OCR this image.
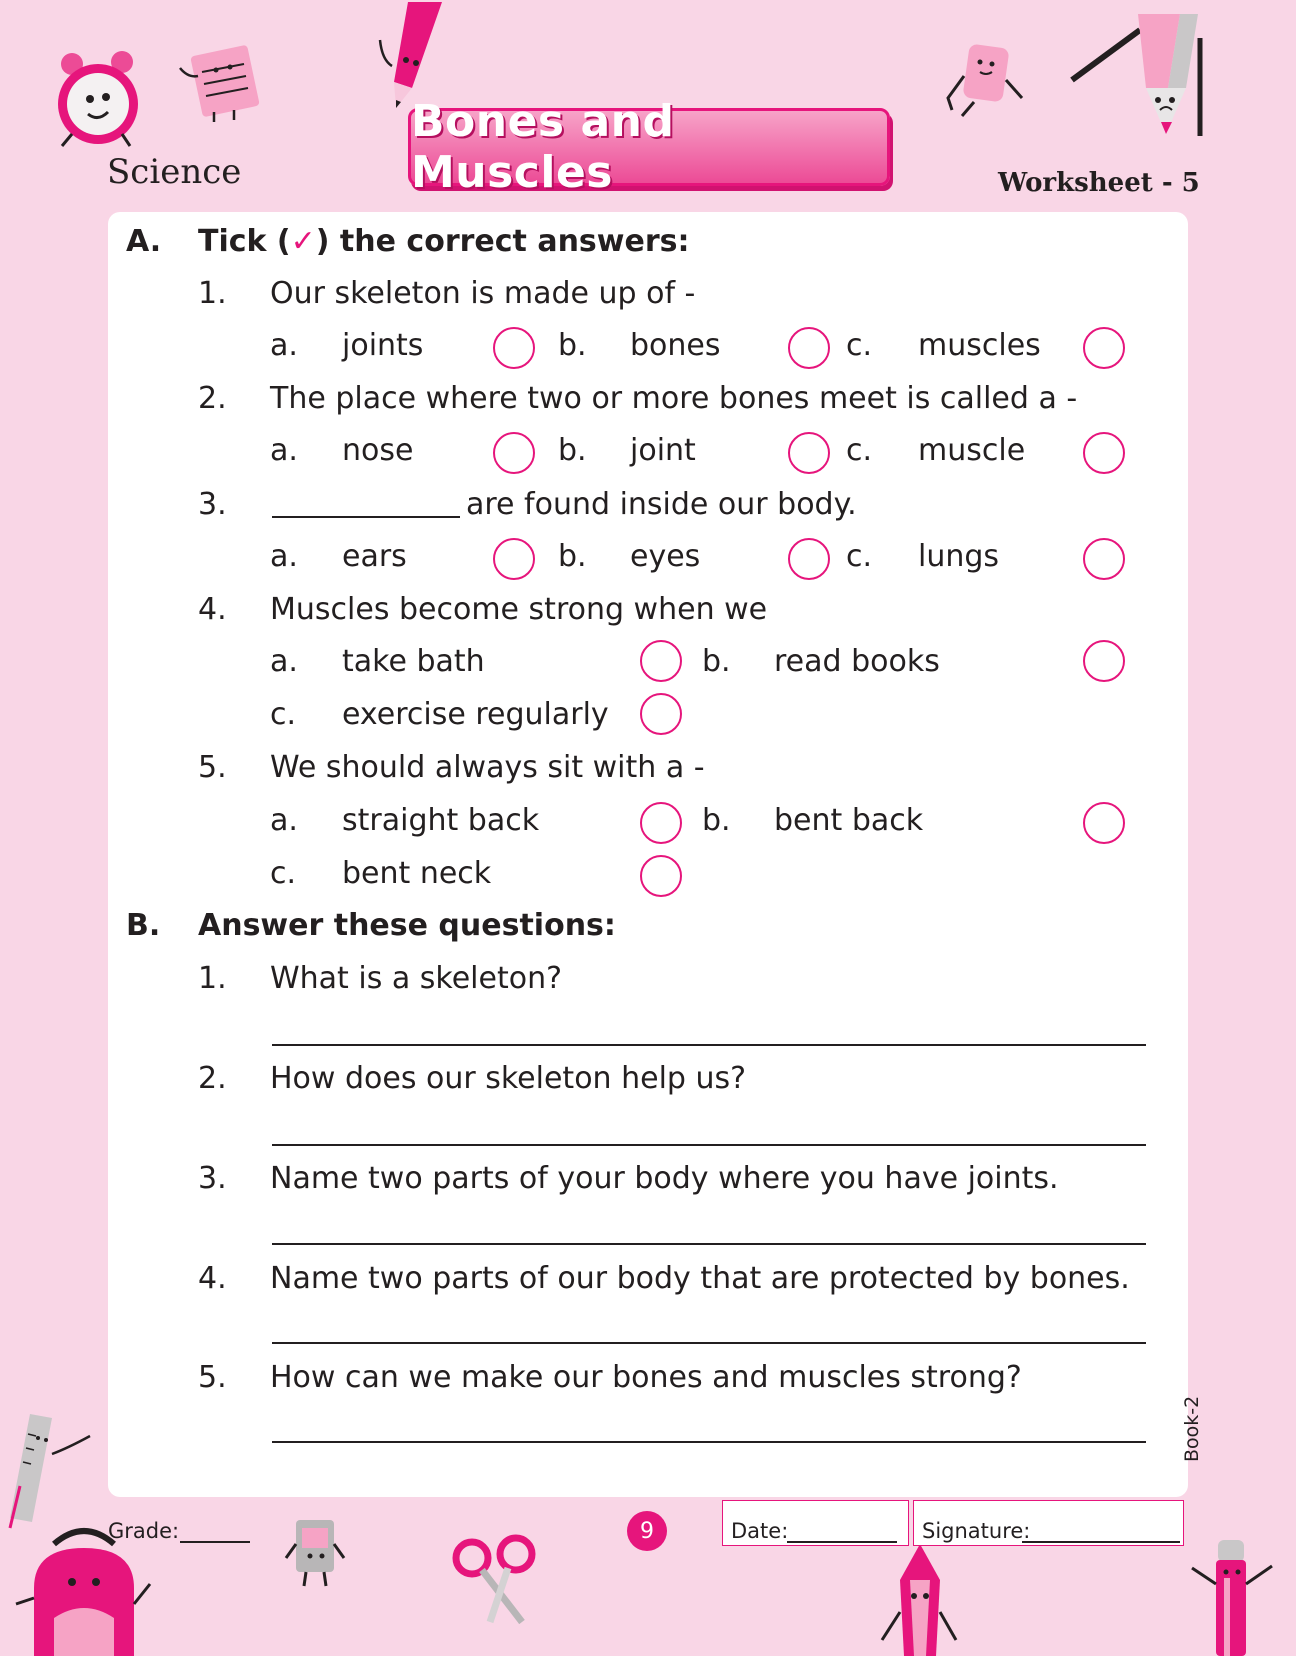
Science
Bones and Muscles	Worksheet - 5
A. Tick (✓) the correct answers:
1. Our skeleton is made up of -
a. joints	b. bones	c. muscles
2. The place where two or more bones meet is called a -
a. nose	b. joint	c. muscle
3.	are found inside our body.
a. ears	b. eyes	c. lungs
4. Muscles become strong when we
a. take bath	b. read books
c. exercise regularly
5. We should always sit with a -
a. straight back	b. bent back
c. bent neck
B. Answer these questions:
1. What is a skeleton?
2. How does our skeleton help us?
3. Name two parts of your body where you have joints.
4. Name two parts of our body that are protected by bones.
5. How can we make our bones and muscles strong?
Book-2
Grade:	9	Date:	Signature:
